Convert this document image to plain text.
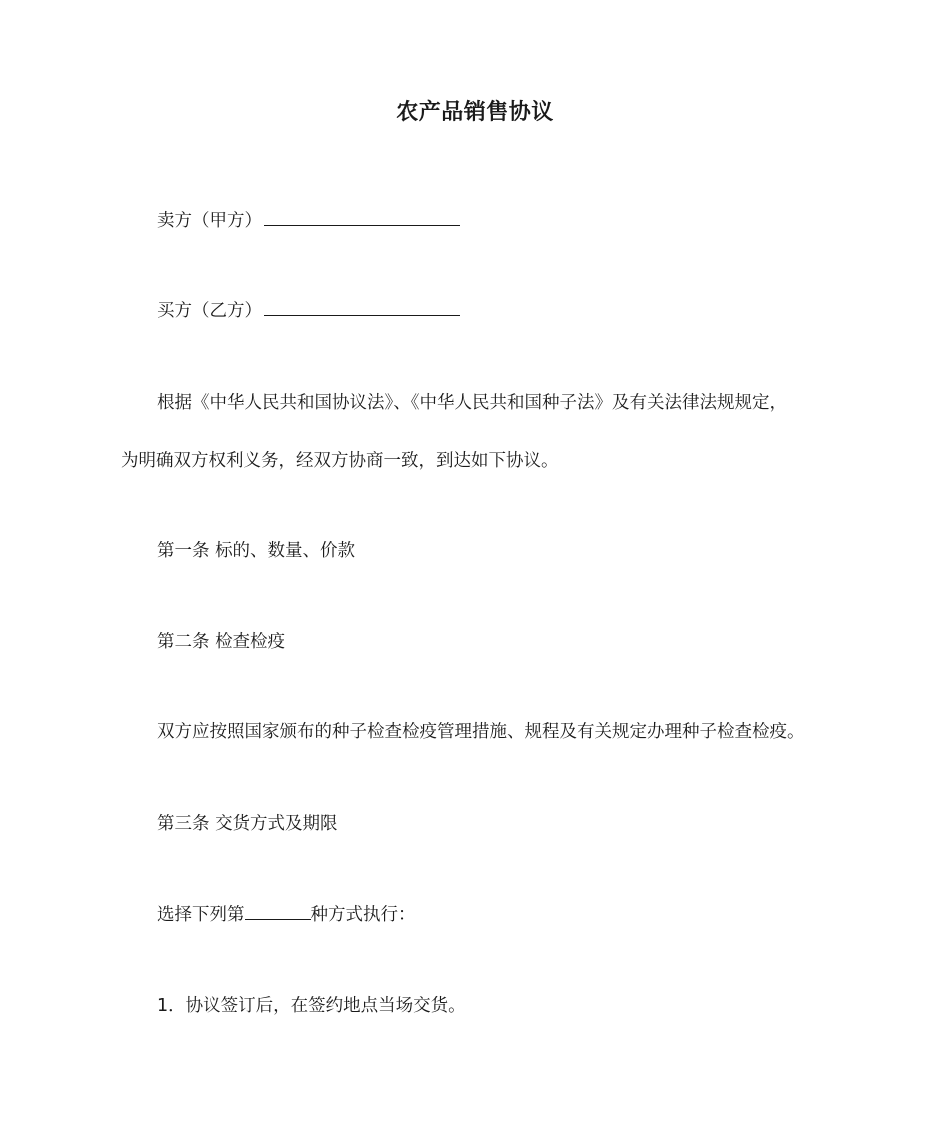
农产品销售协议
卖方（甲方）
买方（乙方）
根据《中华人民共和国协议法》、《中华人民共和国种子法》及有关法律法规规定，
为明确双方权利义务，经双方协商一致，到达如下协议。
第一条 标的、数量、价款
第二条 检查检疫
双方应按照国家颁布的种子检查检疫管理措施、规程及有关规定办理种子检查检疫。
第三条 交货方式及期限
选择下列第	种方式执行：
1．协议签订后，在签约地点当场交货。
